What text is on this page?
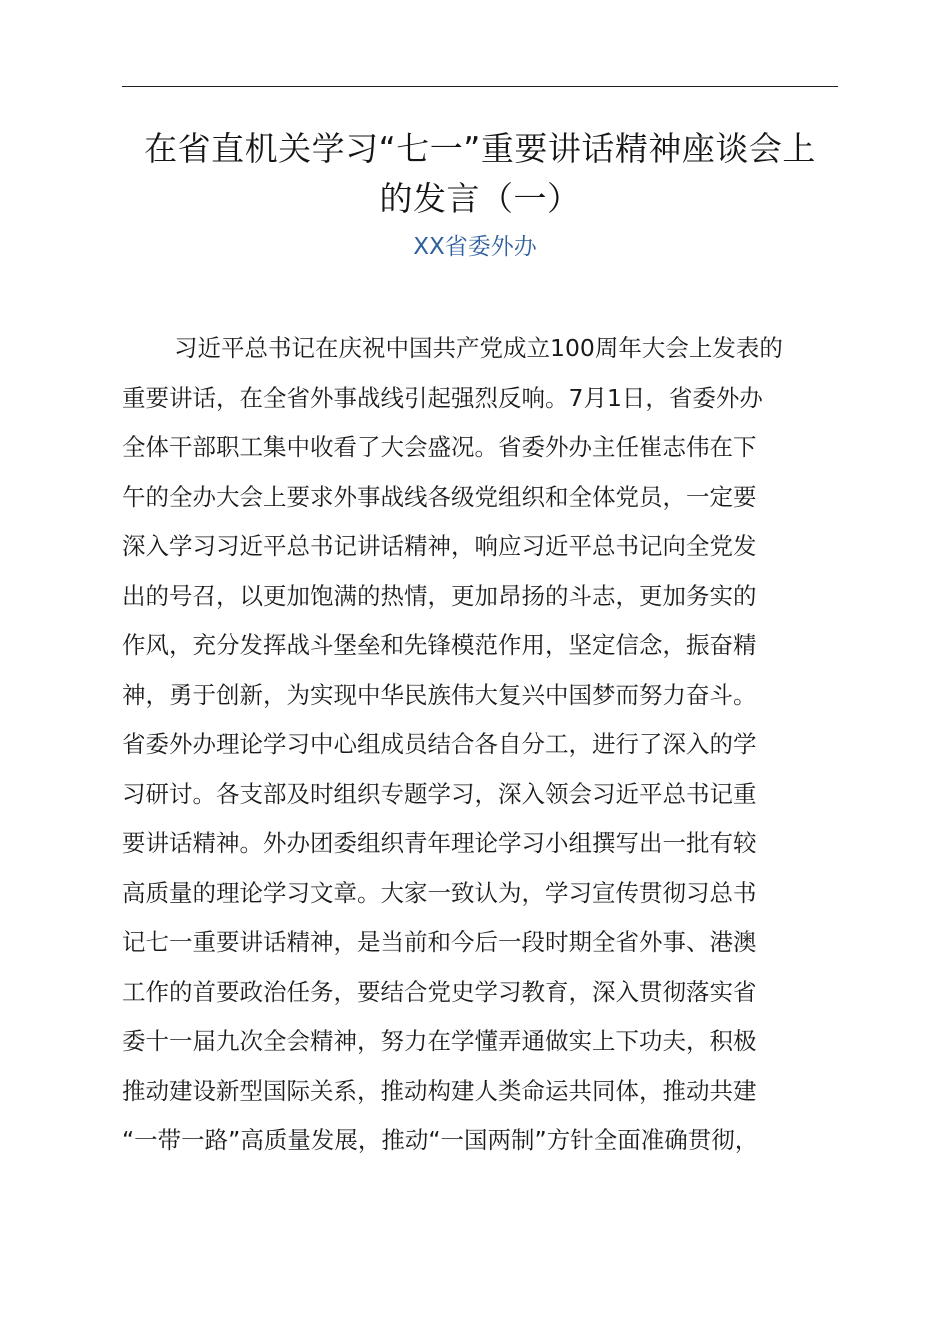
在省直机关学习“七一”重要讲话精神座谈会上
的发言（一）

XX省委外办

习近平总书记在庆祝中国共产党成立100周年大会上发表的
重要讲话，在全省外事战线引起强烈反响。7月1日，省委外办
全体干部职工集中收看了大会盛况。省委外办主任崔志伟在下
午的全办大会上要求外事战线各级党组织和全体党员，一定要
深入学习习近平总书记讲话精神，响应习近平总书记向全党发
出的号召，以更加饱满的热情，更加昂扬的斗志，更加务实的
作风，充分发挥战斗堡垒和先锋模范作用，坚定信念，振奋精
神，勇于创新，为实现中华民族伟大复兴中国梦而努力奋斗。
省委外办理论学习中心组成员结合各自分工，进行了深入的学
习研讨。各支部及时组织专题学习，深入领会习近平总书记重
要讲话精神。外办团委组织青年理论学习小组撰写出一批有较
高质量的理论学习文章。大家一致认为，学习宣传贯彻习总书
记七一重要讲话精神，是当前和今后一段时期全省外事、港澳
工作的首要政治任务，要结合党史学习教育，深入贯彻落实省
委十一届九次全会精神，努力在学懂弄通做实上下功夫，积极
推动建设新型国际关系，推动构建人类命运共同体，推动共建
“一带一路”高质量发展，推动“一国两制”方针全面准确贯彻，
